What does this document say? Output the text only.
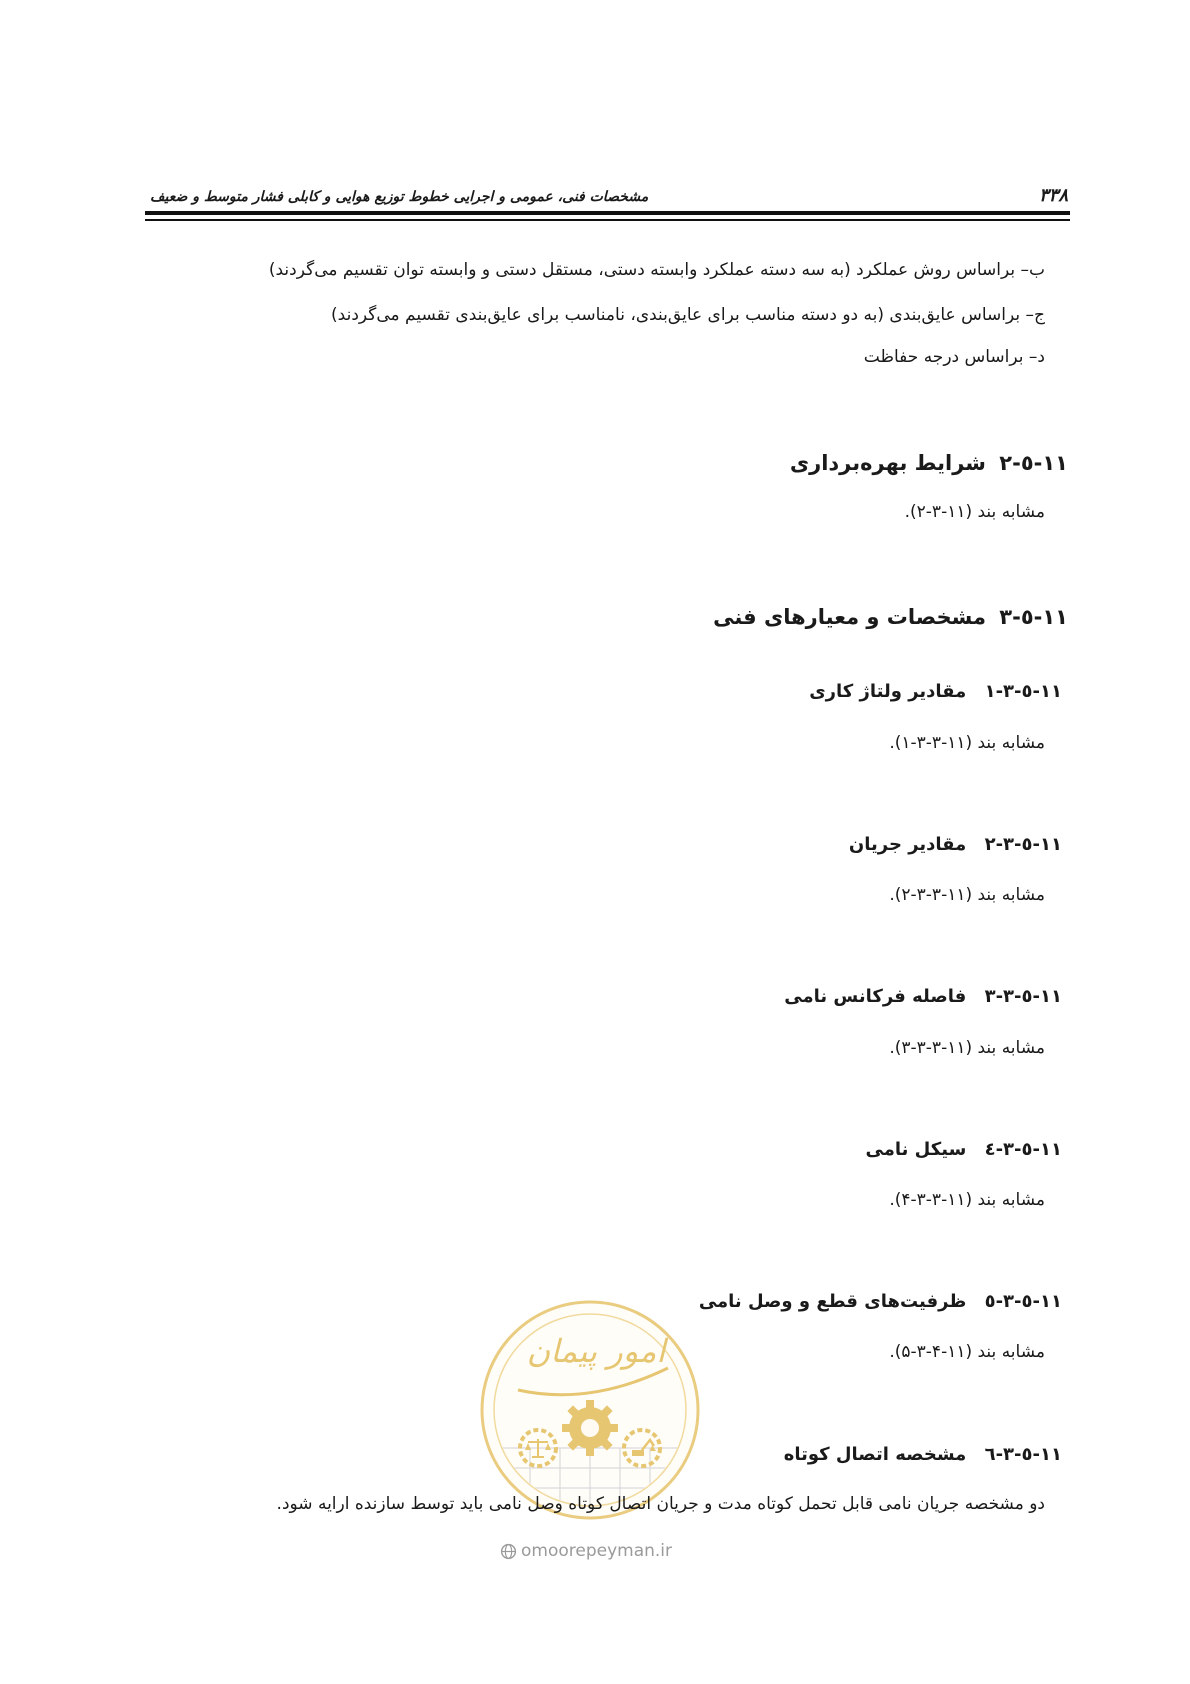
۳۳۸
مشخصات فنی، عمومی و اجرایی خطوط توزیع هوایی و کابلی فشار متوسط و ضعیف
ب– براساس روش عملکرد (به سه دسته عملکرد وابسته دستی، مستقل دستی و وابسته توان تقسیم می‌گردند)
ج– براساس عایق‌بندی (به دو دسته مناسب برای عایق‌بندی، نامناسب برای عایق‌بندی تقسیم می‌گردند)
د– براساس درجه حفاظت
١١-٥-٢ شرایط بهره‌برداری
مشابه بند (۱۱-۳-۲).
١١-٥-٣ مشخصات و معیارهای فنی
١١-٥-٣-١ مقادیر ولتاژ کاری
مشابه بند (۱۱-۳-۳-۱).
١١-٥-٣-٢ مقادیر جریان
مشابه بند (۱۱-۳-۳-۲).
١١-٥-٣-٣ فاصله فرکانس نامی
مشابه بند (۱۱-۳-۳-۳).
١١-٥-٣-٤ سیکل نامی
مشابه بند (۱۱-۳-۳-۴).
١١-٥-٣-٥ ظرفیت‌های قطع و وصل نامی
مشابه بند (۱۱-۴-۳-۵).
امور پیمان
١١-٥-٣-٦ مشخصه اتصال کوتاه
دو مشخصه جریان نامی قابل تحمل کوتاه مدت و جریان اتصال کوتاه وصل نامی باید توسط سازنده ارایه شود.
omoorepeyman.ir
